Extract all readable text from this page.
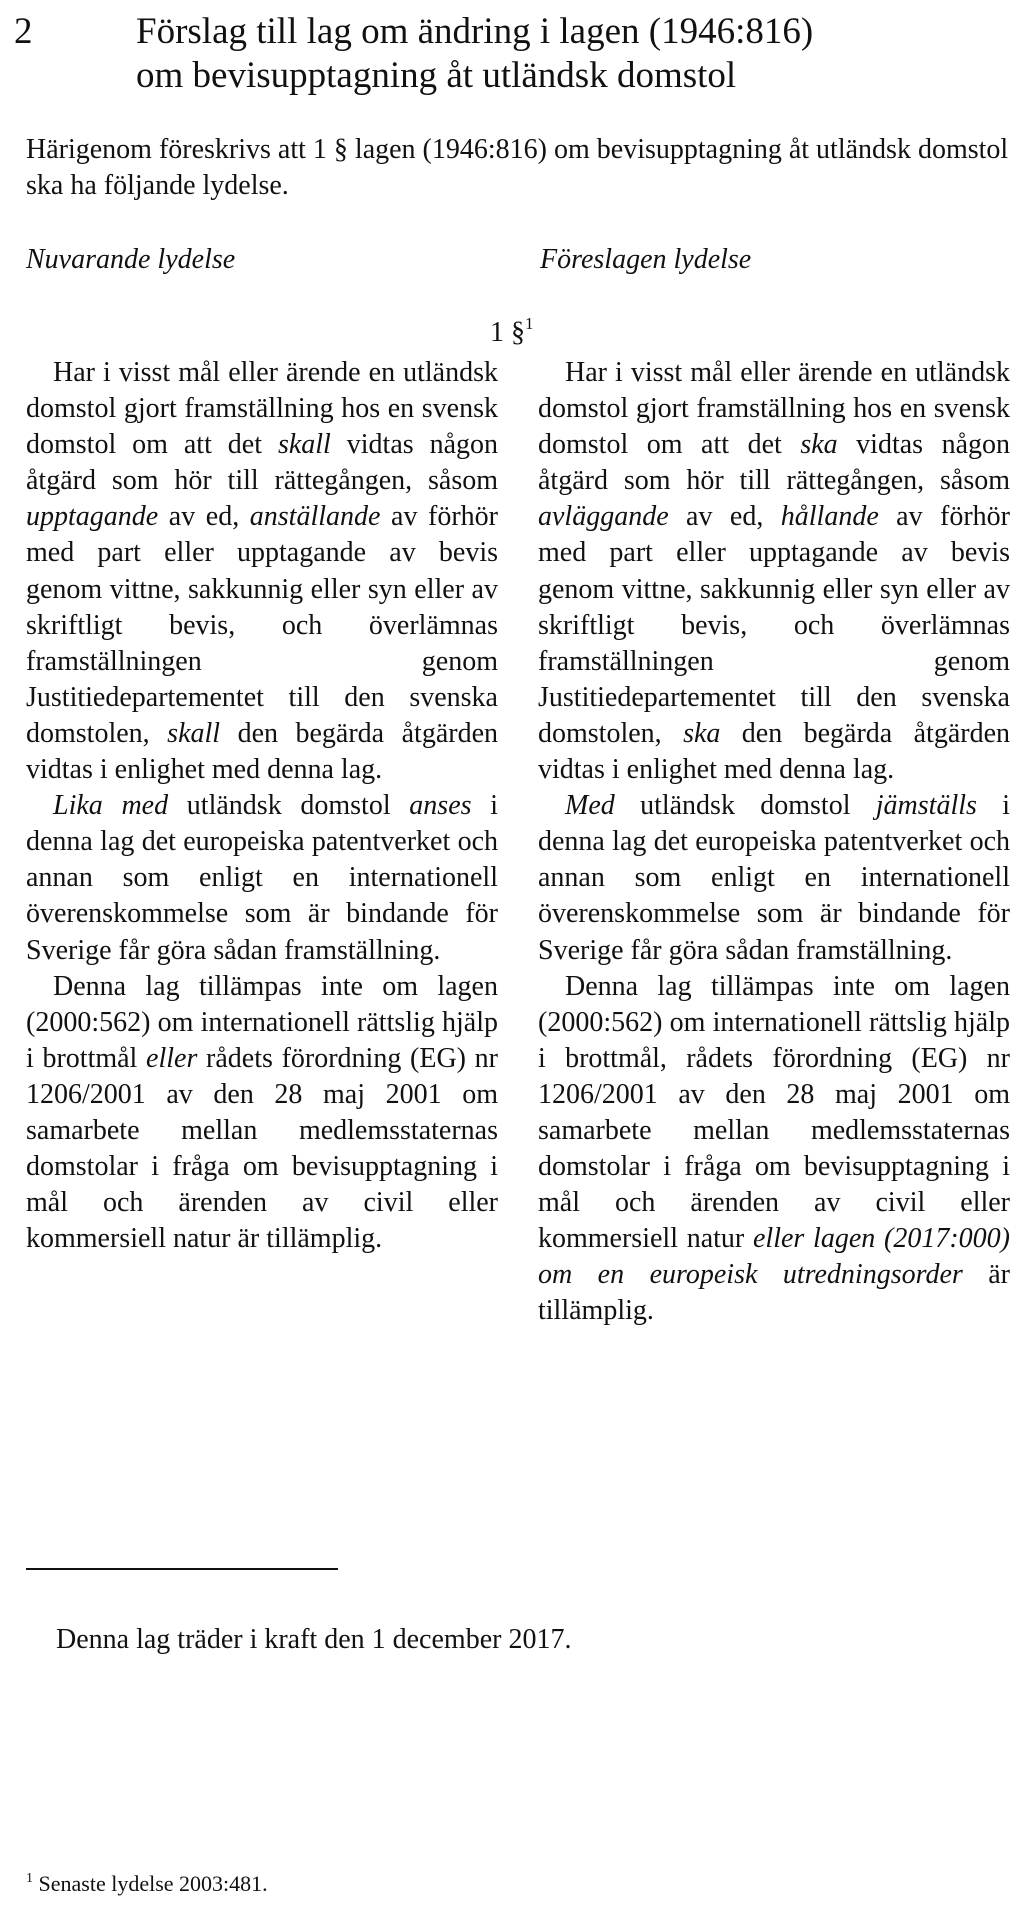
2	Förslag till lag om ändring i lagen (1946:816)
om bevisupptagning åt utländsk domstol
Härigenom föreskrivs att 1 § lagen (1946:816) om bevisupptagning åt utländsk domstol ska ha följande lydelse.
Nuvarande lydelse	Föreslagen lydelse
1 §$^1$

Har i visst mål eller ärende en utländsk domstol gjort framställning hos en svensk domstol om att det skall vidtas någon åtgärd som hör till rättegången, såsom upptagande av ed, anställande av förhör med part eller upptagande av bevis genom vittne, sakkunnig eller syn eller av skriftligt bevis, och överlämnas framställningen genom Justitiedepartementet till den svenska domstolen, skall den begärda åtgärden vidtas i enlighet med denna lag.

Lika med utländsk domstol anses i denna lag det europeiska patentverket och annan som enligt en internationell överenskommelse som är bindande för Sverige får göra sådan framställning.

Denna lag tillämpas inte om lagen (2000:562) om internationell rättslig hjälp i brottmål eller rådets förordning (EG) nr 1206/2001 av den 28 maj 2001 om samarbete mellan medlemsstaternas domstolar i fråga om bevisupptagning i mål och ärenden av civil eller kommersiell natur är tillämplig.

Har i visst mål eller ärende en utländsk domstol gjort framställning hos en svensk domstol om att det ska vidtas någon åtgärd som hör till rättegången, såsom avläggande av ed, hållande av förhör med part eller upptagande av bevis genom vittne, sakkunnig eller syn eller av skriftligt bevis, och överlämnas framställningen genom Justitiedepartementet till den svenska domstolen, ska den begärda åtgärden vidtas i enlighet med denna lag.

Med utländsk domstol jämställs i denna lag det europeiska patentverket och annan som enligt en internationell överenskommelse som är bindande för Sverige får göra sådan framställning.

Denna lag tillämpas inte om lagen (2000:562) om internationell rättslig hjälp i brottmål, rådets förordning (EG) nr 1206/2001 av den 28 maj 2001 om samarbete mellan medlemsstaternas domstolar i fråga om bevisupptagning i mål och ärenden av civil eller kommersiell natur eller lagen (2017:000) om en europeisk utredningsorder är tillämplig.

Denna lag träder i kraft den 1 december 2017.
$^1$ Senaste lydelse 2003:481.
